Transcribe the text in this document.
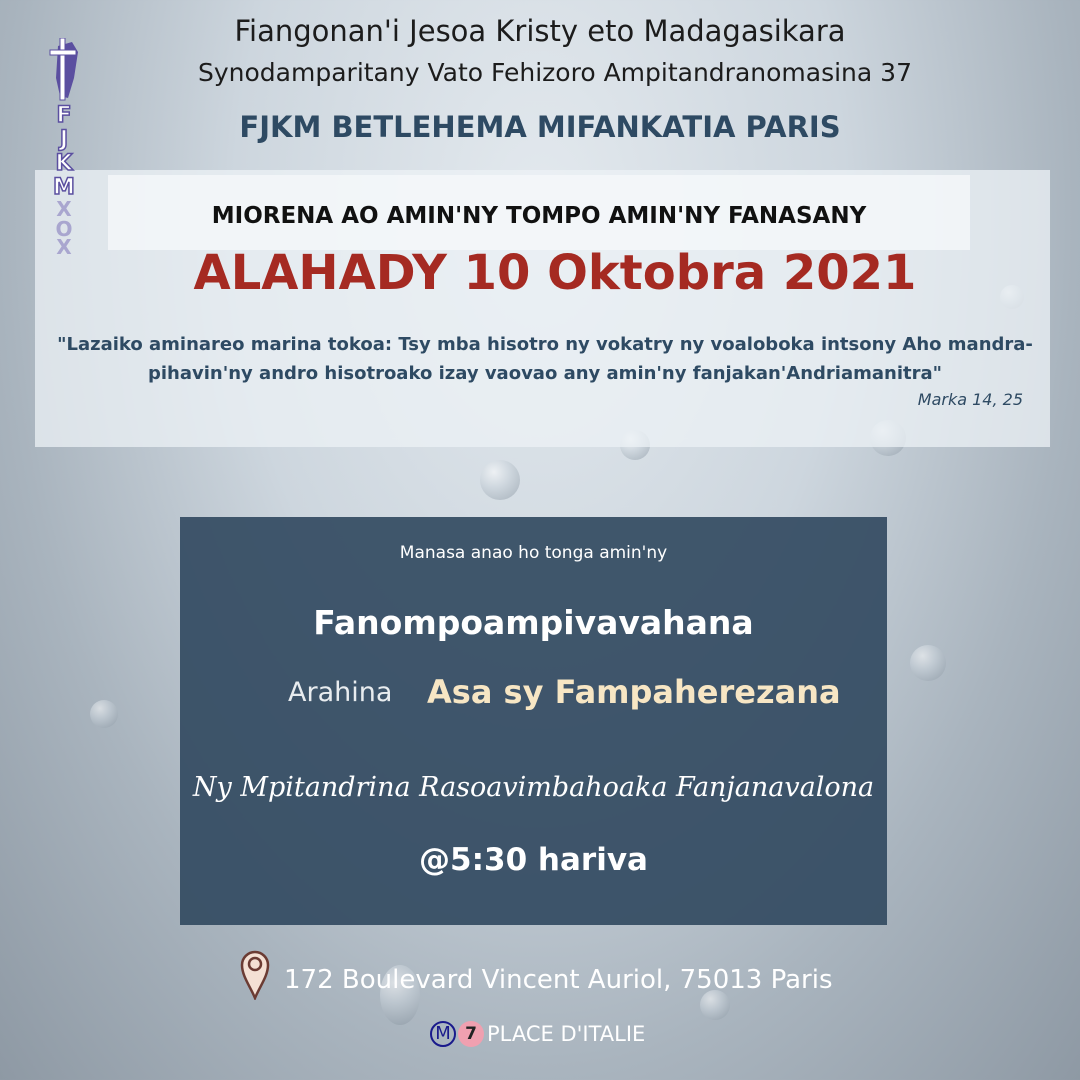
F
J
K
M
X
O
X
Fiangonan'i Jesoa Kristy eto Madagasikara
Synodamparitany Vato Fehizoro Ampitandranomasina 37
FJKM BETLEHEMA MIFANKATIA PARIS
MIORENA AO AMIN'NY TOMPO AMIN'NY FANASANY
ALAHADY 10 Oktobra 2021
"Lazaiko aminareo marina tokoa: Tsy mba hisotro ny vokatry ny voaloboka intsony Aho mandra-pihavin'ny andro hisotroako izay vaovao any amin'ny fanjakan'Andriamanitra"
Marka 14, 25
Manasa anao ho tonga amin'ny
Fanompoampivavahana
Arahina Asa sy Fampaherezana
Ny Mpitandrina Rasoavimbahoaka Fanjanavalona
@5:30 hariva
172 Boulevard Vincent Auriol, 75013 Paris
M 7 PLACE D'ITALIE
